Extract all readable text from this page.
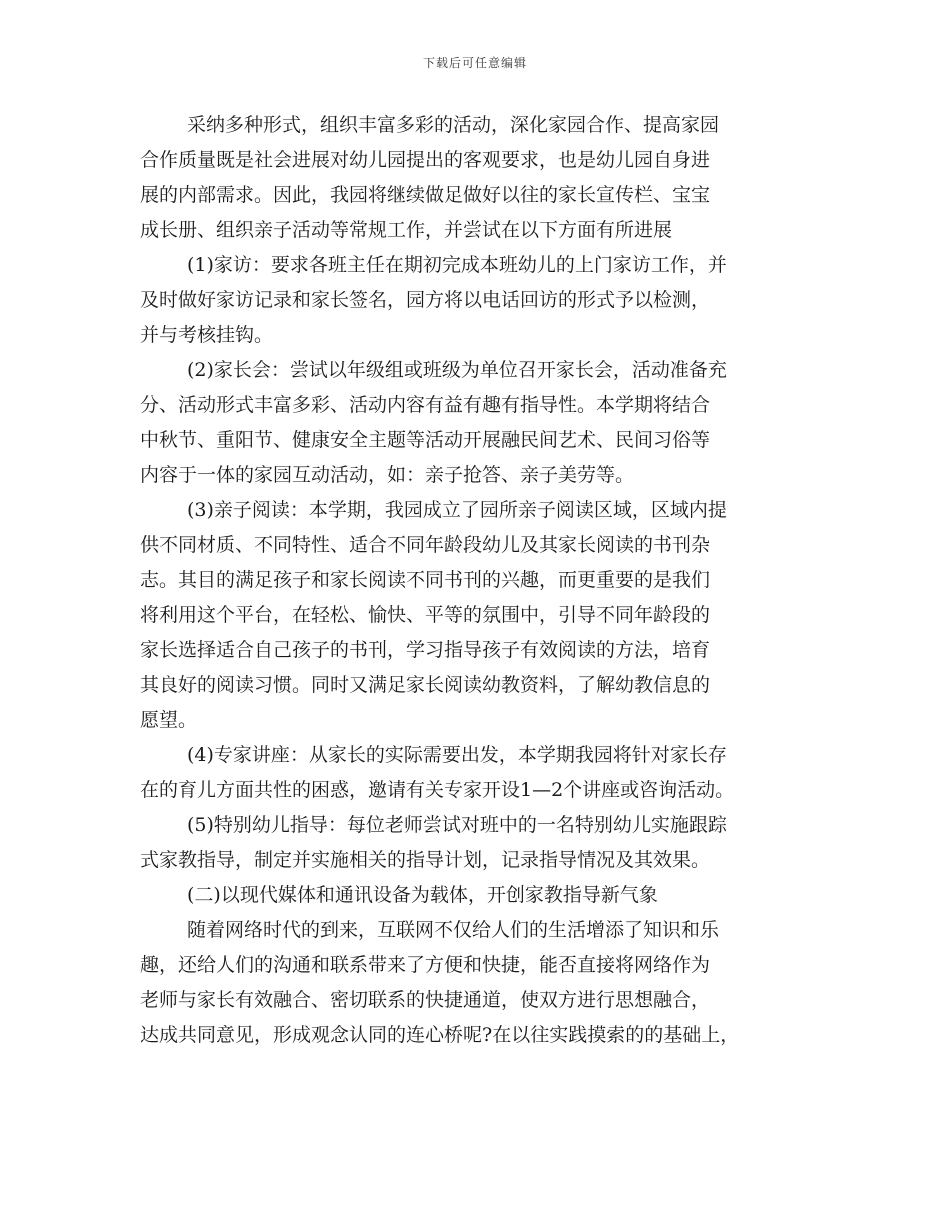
下载后可任意编辑
采纳多种形式，组织丰富多彩的活动，深化家园合作、提高家园
合作质量既是社会进展对幼儿园提出的客观要求，也是幼儿园自身进
展的内部需求。因此，我园将继续做足做好以往的家长宣传栏、宝宝
成长册、组织亲子活动等常规工作，并尝试在以下方面有所进展
(1)家访：要求各班主任在期初完成本班幼儿的上门家访工作，并
及时做好家访记录和家长签名，园方将以电话回访的形式予以检测，
并与考核挂钩。
(2)家长会：尝试以年级组或班级为单位召开家长会，活动准备充
分、活动形式丰富多彩、活动内容有益有趣有指导性。本学期将结合
中秋节、重阳节、健康安全主题等活动开展融民间艺术、民间习俗等
内容于一体的家园互动活动，如：亲子抢答、亲子美劳等。
(3)亲子阅读：本学期，我园成立了园所亲子阅读区域，区域内提
供不同材质、不同特性、适合不同年龄段幼儿及其家长阅读的书刊杂
志。其目的满足孩子和家长阅读不同书刊的兴趣，而更重要的是我们
将利用这个平台，在轻松、愉快、平等的氛围中，引导不同年龄段的
家长选择适合自己孩子的书刊，学习指导孩子有效阅读的方法，培育
其良好的阅读习惯。同时又满足家长阅读幼教资料，了解幼教信息的
愿望。
(4)专家讲座：从家长的实际需要出发，本学期我园将针对家长存
在的育儿方面共性的困惑，邀请有关专家开设1—2个讲座或咨询活动。
(5)特别幼儿指导：每位老师尝试对班中的一名特别幼儿实施跟踪
式家教指导，制定并实施相关的指导计划，记录指导情况及其效果。
(二)以现代媒体和通讯设备为载体，开创家教指导新气象
随着网络时代的到来，互联网不仅给人们的生活增添了知识和乐
趣，还给人们的沟通和联系带来了方便和快捷，能否直接将网络作为
老师与家长有效融合、密切联系的快捷通道，使双方进行思想融合，
达成共同意见，形成观念认同的连心桥呢?在以往实践摸索的的基础上，
